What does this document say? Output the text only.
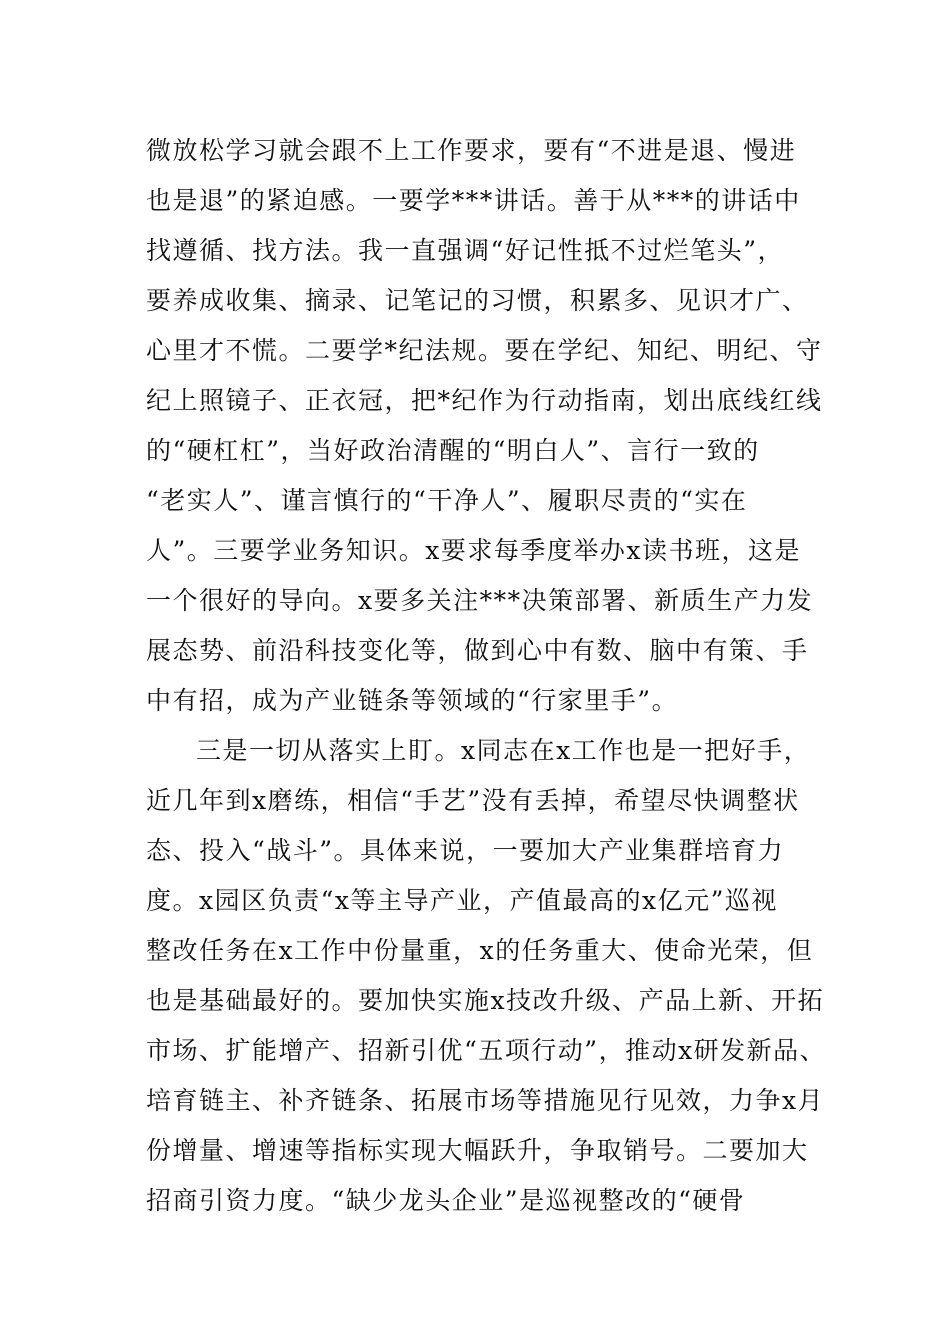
微放松学习就会跟不上工作要求，要有“不进是退、慢进
也是退”的紧迫感。一要学***讲话。善于从***的讲话中
找遵循、找方法。我一直强调“好记性抵不过烂笔头”，
要养成收集、摘录、记笔记的习惯，积累多、见识才广、
心里才不慌。二要学*纪法规。要在学纪、知纪、明纪、守
纪上照镜子、正衣冠，把*纪作为行动指南，划出底线红线
的“硬杠杠”，当好政治清醒的“明白人”、言行一致的
“老实人”、谨言慎行的“干净人”、履职尽责的“实在
人”。三要学业务知识。x要求每季度举办x读书班，这是
一个很好的导向。x要多关注***决策部署、新质生产力发
展态势、前沿科技变化等，做到心中有数、脑中有策、手
中有招，成为产业链条等领域的“行家里手”。
三是一切从落实上盯。x同志在x工作也是一把好手，
近几年到x磨练，相信“手艺”没有丢掉，希望尽快调整状
态、投入“战斗”。具体来说，一要加大产业集群培育力
度。x园区负责“x等主导产业，产值最高的x亿元”巡视
整改任务在x工作中份量重，x的任务重大、使命光荣，但
也是基础最好的。要加快实施x技改升级、产品上新、开拓
市场、扩能增产、招新引优“五项行动”，推动x研发新品、
培育链主、补齐链条、拓展市场等措施见行见效，力争x月
份增量、增速等指标实现大幅跃升，争取销号。二要加大
招商引资力度。“缺少龙头企业”是巡视整改的“硬骨
